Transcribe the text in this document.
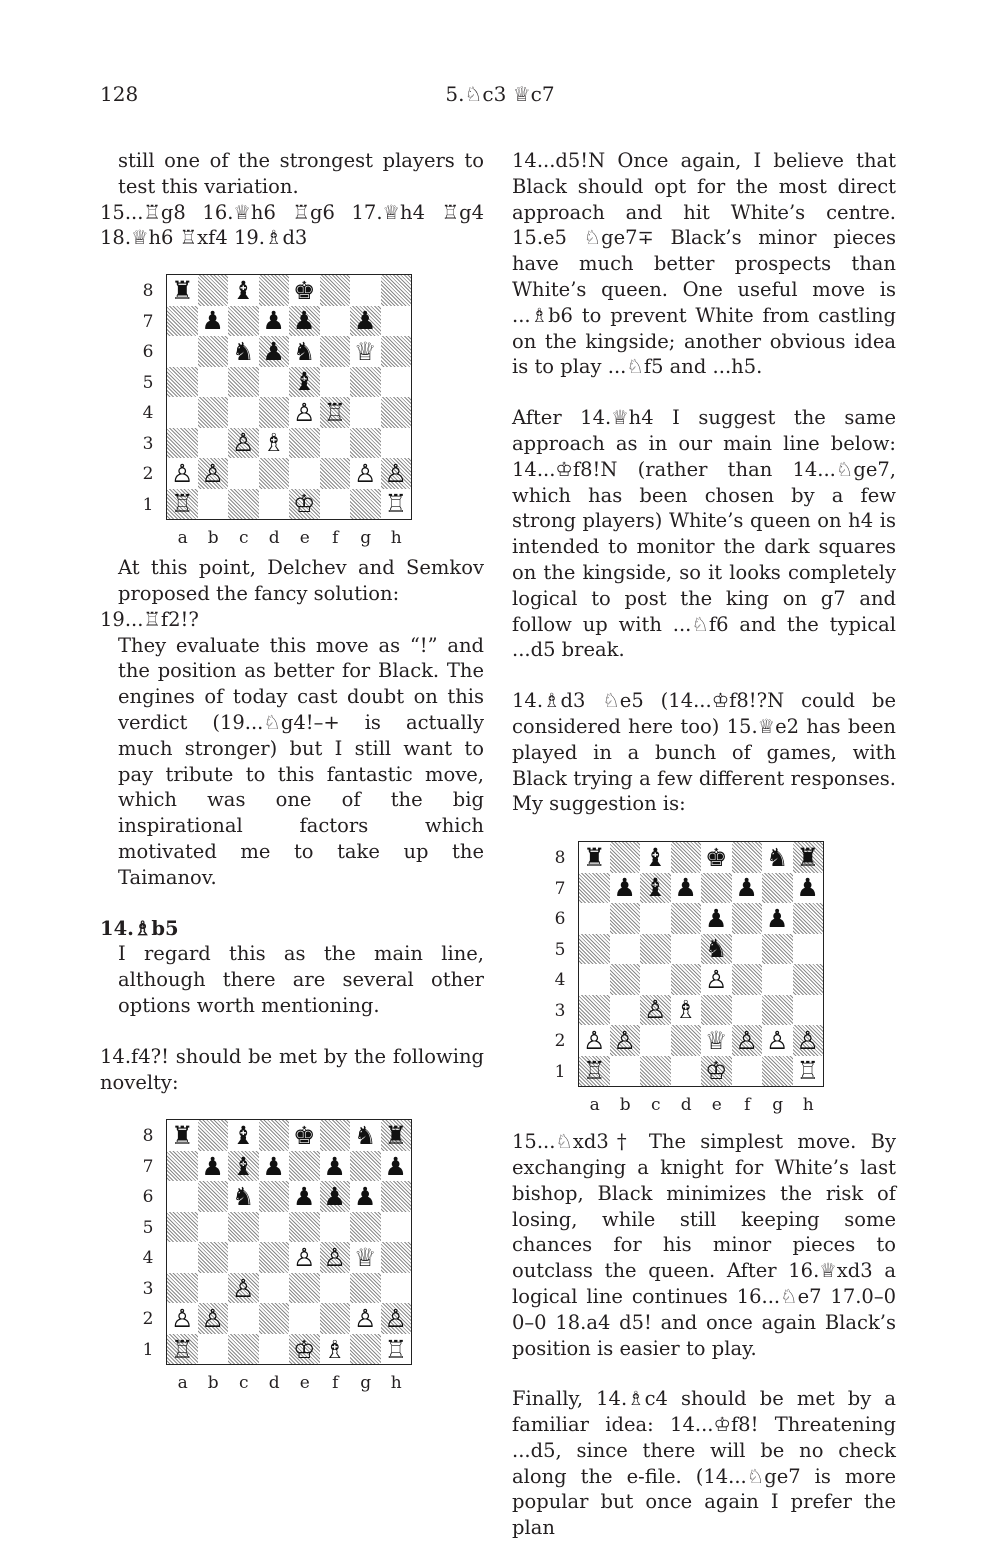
128	5.♘c3 ♕c7

still one of the strongest players to test this variation.

15...♖g8 16.♕h6 ♖g6 17.♕h4 ♖g4 18.♕h6 ♖xf4 19.♗d3

♜ ♝ ♚
♟ ♟ ♟ ♟
♞ ♟ ♞ ♕
♝
♙ ♖
♙ ♗
♙ ♙	♙ ♙
♖	♔	♖
8
7
6
5
4
3
2
1
a	b	c	d	e	f	g	h

At this point, Delchev and Semkov proposed the fancy solution:

19...♖f2!?

They evaluate this move as “!” and the position as better for Black. The engines of today cast doubt on this verdict (19...♘g4!–+ is actually much stronger) but I still want to pay tribute to this fantastic move, which was one of the big inspirational factors which motivated me to take up the Taimanov.

14.♗b5

I regard this as the main line, although there are several other options worth mentioning.

14.f4?! should be met by the following novelty:

♜ ♝ ♚ ♞ ♜
♟ ♝ ♟ ♟ ♟
♞ ♟ ♟ ♟
♙ ♙ ♕
♙
♙ ♙	♙ ♙
♖	♔ ♗ ♖
8
7
6
5
4
3
2
1
a	b	c	d	e	f	g	h

14...d5!N Once again, I believe that Black should opt for the most direct approach and hit White’s centre. 15.e5 ♘ge7∓ Black’s minor pieces have much better prospects than White’s queen. One useful move is ...♗b6 to prevent White from castling on the kingside; another obvious idea is to play ...♘f5 and ...h5.

After 14.♕h4 I suggest the same approach as in our main line below: 14...♔f8!N (rather than 14...♘ge7, which has been chosen by a few strong players) White’s queen on h4 is intended to monitor the dark squares on the kingside, so it looks completely logical to post the king on g7 and follow up with ...♘f6 and the typical ...d5 break.

14.♗d3 ♘e5 (14...♔f8!?N could be considered here too) 15.♕e2 has been played in a bunch of games, with Black trying a few different responses. My suggestion is:

♜ ♝ ♚ ♞ ♜
♟ ♝ ♟ ♟ ♟
♟ ♟
♞
♙
♙ ♗
♙ ♙	♕ ♙ ♙ ♙
♖	♔	♖
8
7
6
5
4
3
2
1
a	b	c	d	e	f	g	h

15...♘xd3† The simplest move. By exchanging a knight for White’s last bishop, Black minimizes the risk of losing, while still keeping some chances for his minor pieces to outclass the queen. After 16.♕xd3 a logical line continues 16...♘e7 17.0–0 0–0 18.a4 d5! and once again Black’s position is easier to play.

Finally, 14.♗c4 should be met by a familiar idea: 14...♔f8! Threatening ...d5, since there will be no check along the e-file. (14...♘ge7 is more popular but once again I prefer the plan
